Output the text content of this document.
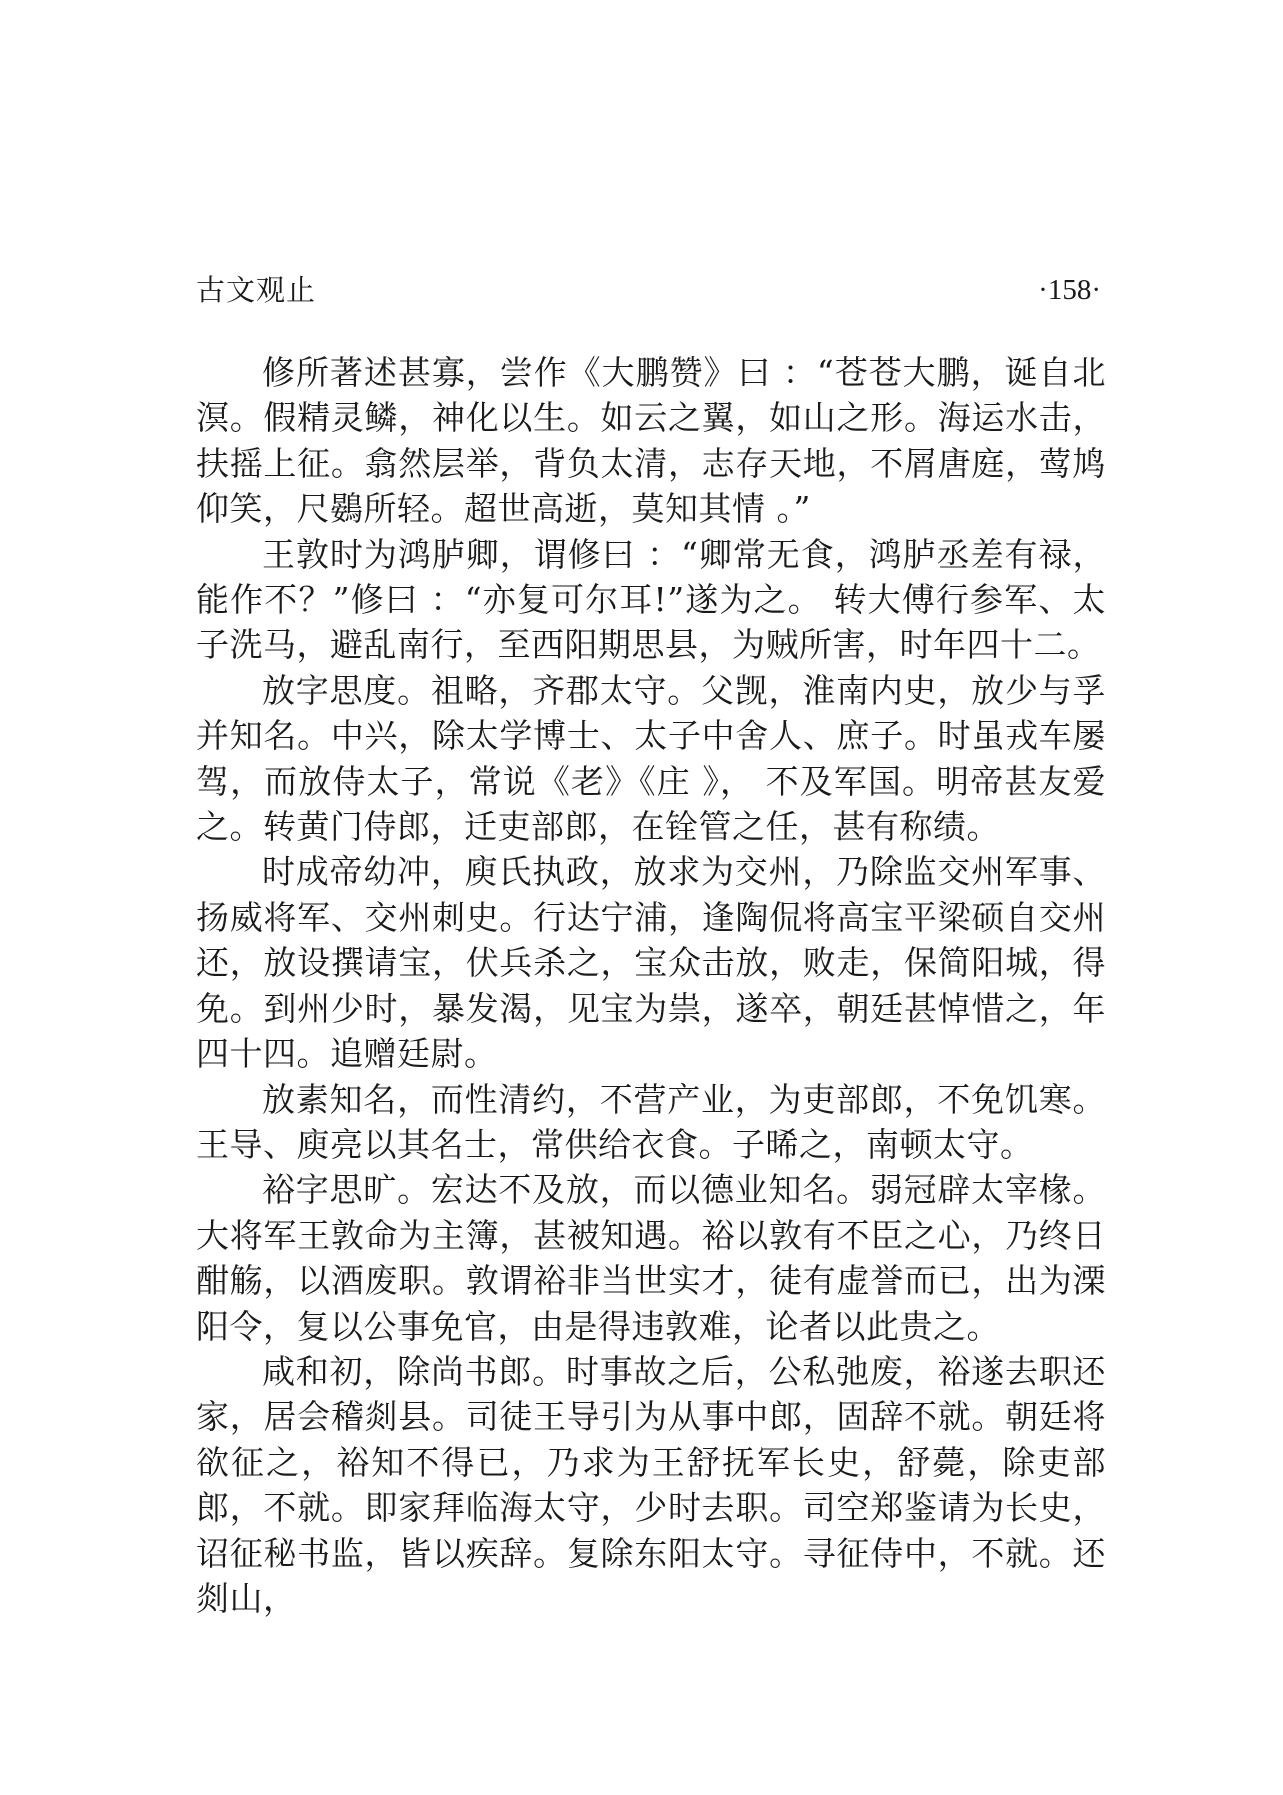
古文观止	·158·

修所著述甚寡，尝作《大鹏赞》曰 ：“苍苍大鹏，诞自北溟。假精灵鳞，神化以生。如云之翼，如山之形。海运水击，扶摇上征。翕然层举，背负太清，志存天地，不屑唐庭，莺鸠仰笑，尺鷃所轻。超世高逝，莫知其情 。”

王敦时为鸿胪卿，谓修曰 ：“卿常无食，鸿胪丞差有禄，能作不？”修曰 ：“亦复可尔耳!”遂为之。 转大傅行参军、太子洗马，避乱南行，至西阳期思县，为贼所害，时年四十二。

放字思度。祖略，齐郡太守。父觊，淮南内史，放少与孚并知名。中兴，除太学博士、太子中舍人、庶子。时虽戎车屡驾，而放侍太子，常说《老》《庄 》， 不及军国。明帝甚友爱之。转黄门侍郎，迁吏部郎，在铨管之任，甚有称绩。

时成帝幼冲，庾氏执政，放求为交州，乃除监交州军事、扬威将军、交州刺史。行达宁浦，逢陶侃将高宝平梁硕自交州还，放设撰请宝，伏兵杀之，宝众击放，败走，保简阳城，得免。到州少时，暴发渴，见宝为祟，遂卒，朝廷甚悼惜之，年四十四。追赠廷尉。

放素知名，而性清约，不营产业，为吏部郎，不免饥寒。王导、庾亮以其名士，常供给衣食。子晞之，南顿太守。

裕字思旷。宏达不及放，而以德业知名。弱冠辟太宰椽。大将军王敦命为主簿，甚被知遇。裕以敦有不臣之心，乃终日酣觞，以酒废职。敦谓裕非当世实才，徒有虚誉而已，出为溧阳令，复以公事免官，由是得违敦难，论者以此贵之。

咸和初，除尚书郎。时事故之后，公私弛废，裕遂去职还家，居会稽剡县。司徒王导引为从事中郎，固辞不就。朝廷将欲征之，裕知不得已，乃求为王舒抚军长史，舒薨，除吏部郎，不就。即家拜临海太守，少时去职。司空郑鉴请为长史，诏征秘书监，皆以疾辞。复除东阳太守。寻征侍中，不就。还剡山，
